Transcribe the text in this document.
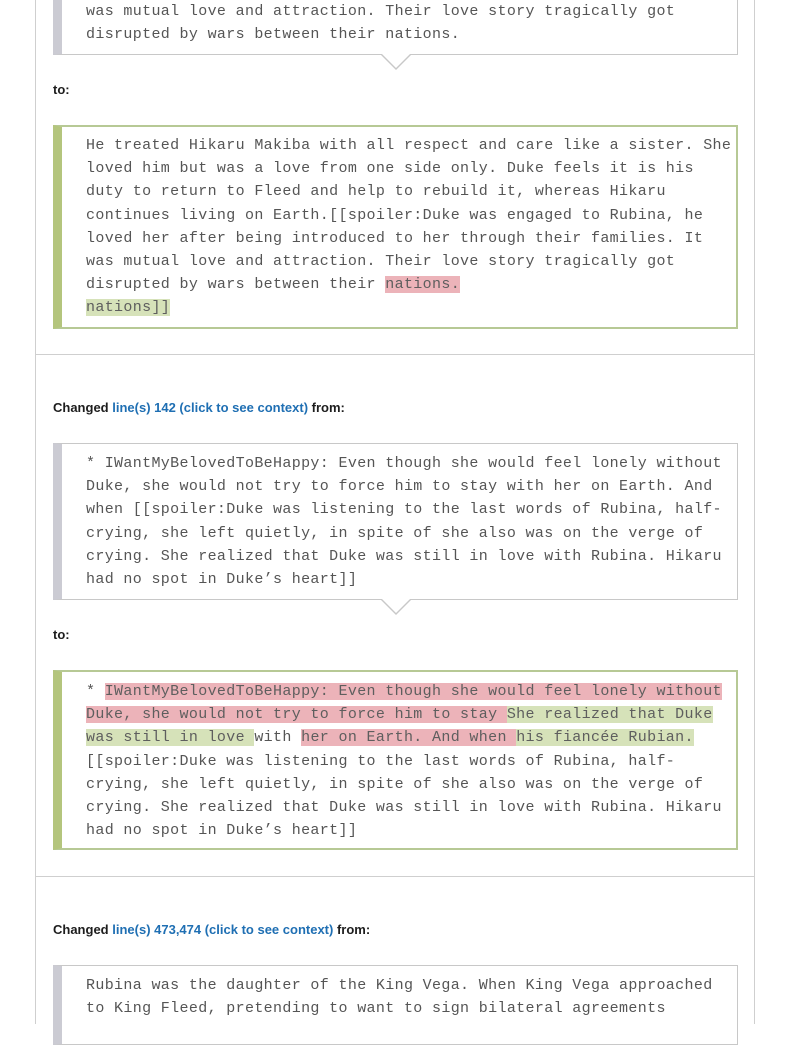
was mutual love and attraction. Their love story tragically got
disrupted by wars between their nations.
to:
He treated Hikaru Makiba with all respect and care like a sister. She
loved him but was a love from one side only. Duke feels it is his
duty to return to Fleed and help to rebuild it, whereas Hikaru
continues living on Earth.[[spoiler:Duke was engaged to Rubina, he
loved her after being introduced to her through their families. It
was mutual love and attraction. Their love story tragically got
disrupted by wars between their nations.
nations]]
Changed line(s) 142 (click to see context) from:
* IWantMyBelovedToBeHappy: Even though she would feel lonely without
Duke, she would not try to force him to stay with her on Earth. And
when [[spoiler:Duke was listening to the last words of Rubina, half-
crying, she left quietly, in spite of she also was on the verge of
crying. She realized that Duke was still in love with Rubina. Hikaru
had no spot in Duke’s heart]]
to:
* IWantMyBelovedToBeHappy: Even though she would feel lonely without
Duke, she would not try to force him to stay She realized that Duke
was still in love with her on Earth. And when his fiancée Rubian.
[[spoiler:Duke was listening to the last words of Rubina, half-
crying, she left quietly, in spite of she also was on the verge of
crying. She realized that Duke was still in love with Rubina. Hikaru
had no spot in Duke’s heart]]
Changed line(s) 473,474 (click to see context) from:
Rubina was the daughter of the King Vega. When King Vega approached
to King Fleed, pretending to want to sign bilateral agreements
